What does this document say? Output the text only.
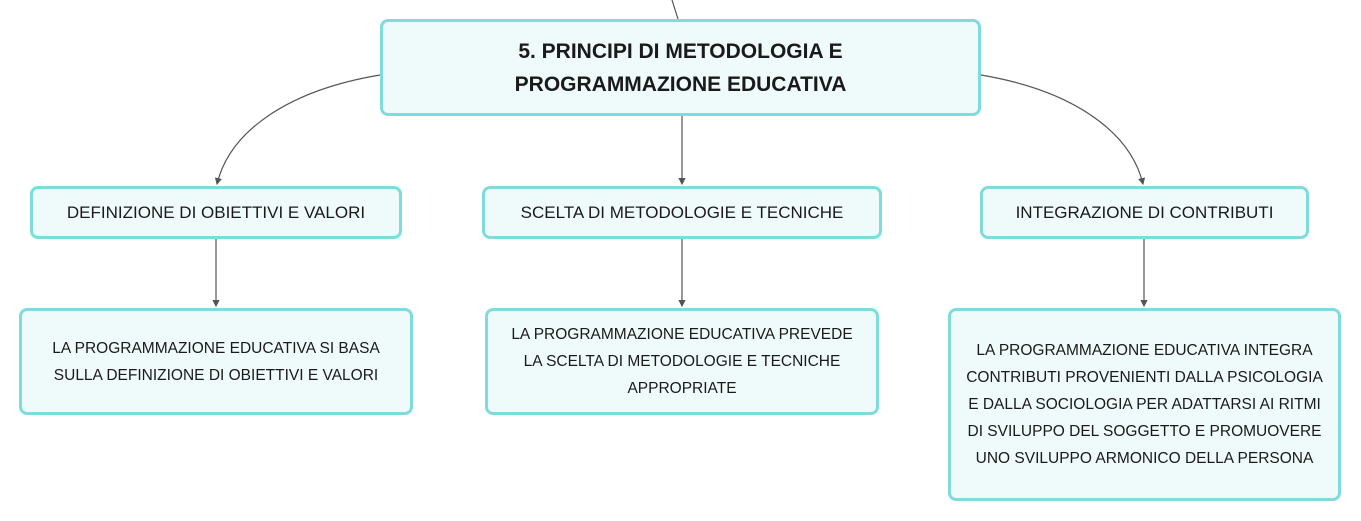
5. PRINCIPI DI METODOLOGIA E PROGRAMMAZIONE EDUCATIVA
DEFINIZIONE DI OBIETTIVI E VALORI	SCELTA DI METODOLOGIE E TECNICHE	INTEGRAZIONE DI CONTRIBUTI
LA PROGRAMMAZIONE EDUCATIVA SI BASA SULLA DEFINIZIONE DI OBIETTIVI E VALORI
LA PROGRAMMAZIONE EDUCATIVA PREVEDE LA SCELTA DI METODOLOGIE E TECNICHE APPROPRIATE
LA PROGRAMMAZIONE EDUCATIVA INTEGRA CONTRIBUTI PROVENIENTI DALLA PSICOLOGIA E DALLA SOCIOLOGIA PER ADATTARSI AI RITMI DI SVILUPPO DEL SOGGETTO E PROMUOVERE UNO SVILUPPO ARMONICO DELLA PERSONA
